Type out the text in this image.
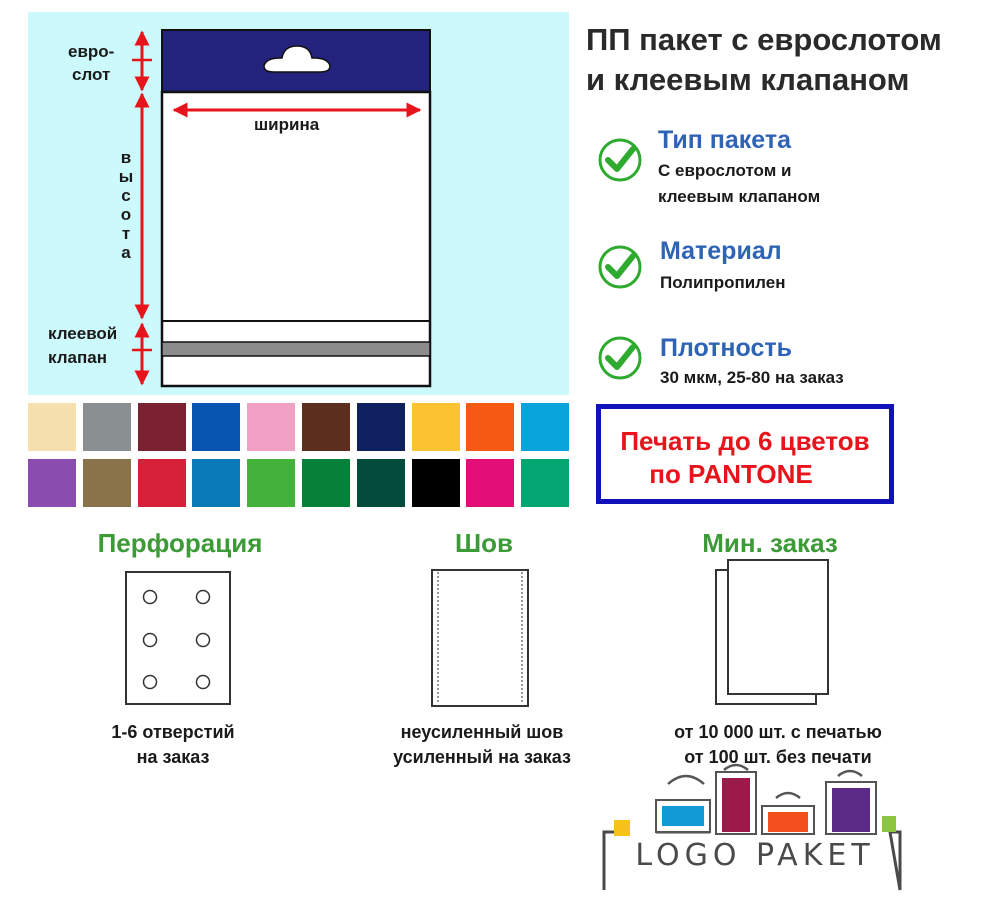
евро-
слот
ширина
в
ы
с
о
т
а
клеевой
клапан
ПП пакет с еврослотом
и клеевым клапаном
Тип пакета
С еврослотом и
клеевым клапаном
Материал
Полипропилен
Плотность
30 мкм, 25-80 на заказ
Печать до 6 цветов
по PANTONE
Перфорация
1-6 отверстий
на заказ
Шов
неусиленный шов
усиленный на заказ
Мин. заказ
от 10 000 шт. с печатью
от 100 шт. без печати
LOGO PAKET
